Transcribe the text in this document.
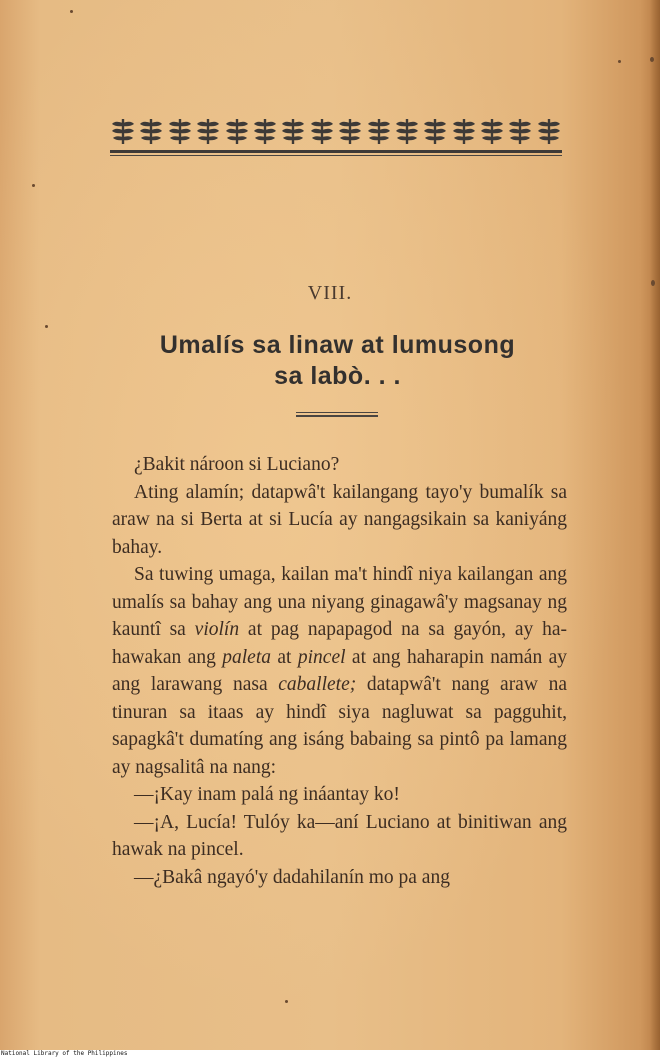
VIII.
Umalís sa linaw at lumusong
sa labò. . .

¿Bakit nároon si Luciano?

Ating alamín; datapwâ't kailangang tayo'y bumalík sa araw na si Berta at si Lucía ay nangagsikain sa kaniyáng bahay.

Sa tuwing umaga, kailan ma't hindî niya kailangan ang umalís sa bahay ang una niyang ginagawâ'y magsanay ng kauntî sa violín at pag napapagod na sa gayón, ay hahawakan ang paleta at pincel at ang haharapin namán ay ang larawang nasa caballete; datapwâ't nang araw na tinuran sa itaas ay hindî siya nagluwat sa pagguhit, sapagkâ't dumatíng ang isáng babaing sa pintô pa lamang ay nagsalitâ na nang:

—¡Kay inam palá ng ináantay ko!

—¡A, Lucía! Tulóy ka—aní Luciano at binitiwan ang hawak na pincel.

—¿Bakâ ngayó'y dadahilanín mo pa ang

National Library of the Philippines
